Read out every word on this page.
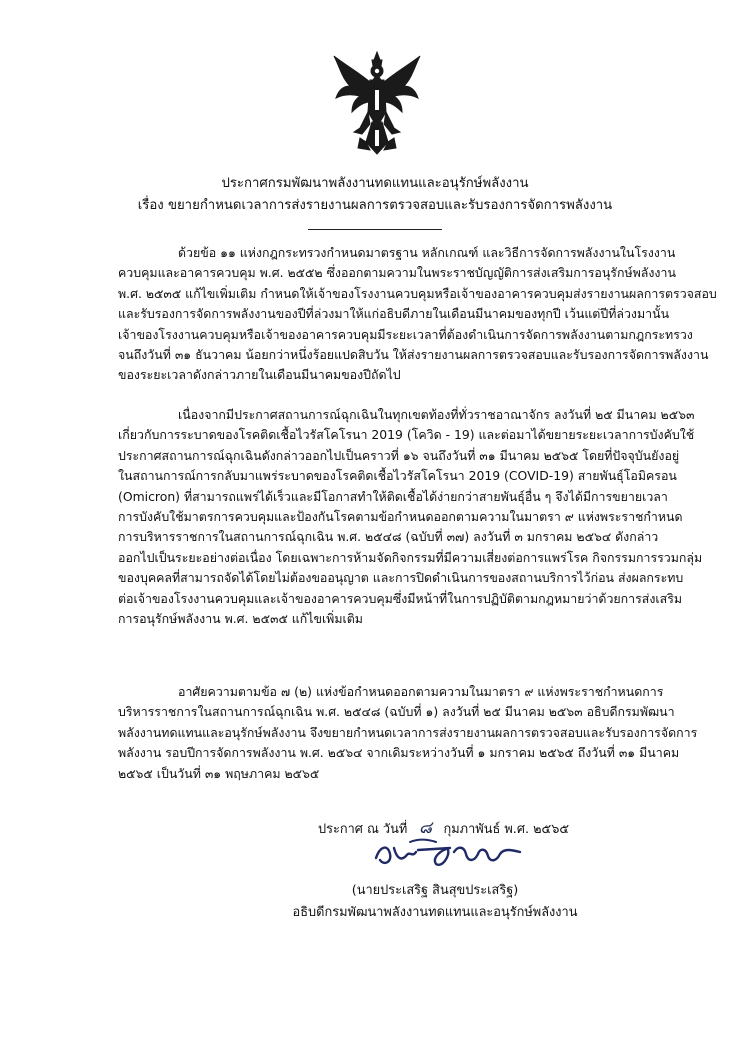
ประกาศกรมพัฒนาพลังงานทดแทนและอนุรักษ์พลังงาน
เรื่อง ขยายกำหนดเวลาการส่งรายงานผลการตรวจสอบและรับรองการจัดการพลังงาน
ด้วยข้อ ๑๑ แห่งกฎกระทรวงกำหนดมาตรฐาน หลักเกณฑ์ และวิธีการจัดการพลังงานในโรงงาน
ควบคุมและอาคารควบคุม พ.ศ. ๒๕๕๒ ซึ่งออกตามความในพระราชบัญญัติการส่งเสริมการอนุรักษ์พลังงาน
พ.ศ. ๒๕๓๕ แก้ไขเพิ่มเติม กำหนดให้เจ้าของโรงงานควบคุมหรือเจ้าของอาคารควบคุมส่งรายงานผลการตรวจสอบ
และรับรองการจัดการพลังงานของปีที่ล่วงมาให้แก่อธิบดีภายในเดือนมีนาคมของทุกปี เว้นแต่ปีที่ล่วงมานั้น
เจ้าของโรงงานควบคุมหรือเจ้าของอาคารควบคุมมีระยะเวลาที่ต้องดำเนินการจัดการพลังงานตามกฎกระทรวง
จนถึงวันที่ ๓๑ ธันวาคม น้อยกว่าหนึ่งร้อยแปดสิบวัน ให้ส่งรายงานผลการตรวจสอบและรับรองการจัดการพลังงาน
ของระยะเวลาดังกล่าวภายในเดือนมีนาคมของปีถัดไป
เนื่องจากมีประกาศสถานการณ์ฉุกเฉินในทุกเขตท้องที่ทั่วราชอาณาจักร ลงวันที่ ๒๕ มีนาคม ๒๕๖๓
เกี่ยวกับการระบาดของโรคติดเชื้อไวรัสโคโรนา 2019 (โควิด - 19) และต่อมาได้ขยายระยะเวลาการบังคับใช้
ประกาศสถานการณ์ฉุกเฉินดังกล่าวออกไปเป็นคราวที่ ๑๖ จนถึงวันที่ ๓๑ มีนาคม ๒๕๖๕ โดยที่ปัจจุบันยังอยู่
ในสถานการณ์การกลับมาแพร่ระบาดของโรคติดเชื้อไวรัสโคโรนา 2019 (COVID-19) สายพันธุ์โอมิครอน
(Omicron) ที่สามารถแพร่ได้เร็วและมีโอกาสทำให้ติดเชื้อได้ง่ายกว่าสายพันธุ์อื่น ๆ จึงได้มีการขยายเวลา
การบังคับใช้มาตรการควบคุมและป้องกันโรคตามข้อกำหนดออกตามความในมาตรา ๙ แห่งพระราชกำหนด
การบริหารราชการในสถานการณ์ฉุกเฉิน พ.ศ. ๒๕๔๘ (ฉบับที่ ๓๗) ลงวันที่ ๓ มกราคม ๒๕๖๔ ดังกล่าว
ออกไปเป็นระยะอย่างต่อเนื่อง โดยเฉพาะการห้ามจัดกิจกรรมที่มีความเสี่ยงต่อการแพร่โรค กิจกรรมการรวมกลุ่ม
ของบุคคลที่สามารถจัดได้โดยไม่ต้องขออนุญาต และการปิดดำเนินการของสถานบริการไว้ก่อน ส่งผลกระทบ
ต่อเจ้าของโรงงานควบคุมและเจ้าของอาคารควบคุมซึ่งมีหน้าที่ในการปฏิบัติตามกฎหมายว่าด้วยการส่งเสริม
การอนุรักษ์พลังงาน พ.ศ. ๒๕๓๕ แก้ไขเพิ่มเติม
อาศัยความตามข้อ ๗ (๒) แห่งข้อกำหนดออกตามความในมาตรา ๙ แห่งพระราชกำหนดการ
บริหารราชการในสถานการณ์ฉุกเฉิน พ.ศ. ๒๕๔๘ (ฉบับที่ ๑) ลงวันที่ ๒๕ มีนาคม ๒๕๖๓ อธิบดีกรมพัฒนา
พลังงานทดแทนและอนุรักษ์พลังงาน จึงขยายกำหนดเวลาการส่งรายงานผลการตรวจสอบและรับรองการจัดการ
พลังงาน รอบปีการจัดการพลังงาน พ.ศ. ๒๕๖๔ จากเดิมระหว่างวันที่ ๑ มกราคม ๒๕๖๕ ถึงวันที่ ๓๑ มีนาคม
๒๕๖๕ เป็นวันที่ ๓๑ พฤษภาคม ๒๕๖๕
ประกาศ ณ วันที่ ๘ กุมภาพันธ์ พ.ศ. ๒๕๖๕
(นายประเสริฐ สินสุขประเสริฐ)
อธิบดีกรมพัฒนาพลังงานทดแทนและอนุรักษ์พลังงาน
